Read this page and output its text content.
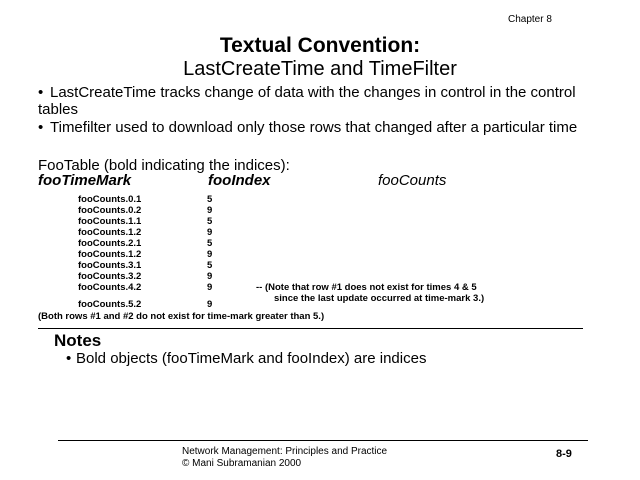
Chapter 8
Textual Convention:
LastCreateTime and TimeFilter
• LastCreateTime tracks change of data with the changes in control in the control tables
• Timefilter used to download only those rows that changed after a particular time
FooTable (bold indicating the indices):
fooTimeMark	fooIndex	fooCounts
fooCounts.0.1	5
fooCounts.0.2	9
fooCounts.1.1	5
fooCounts.1.2	9
fooCounts.2.1	5
fooCounts.1.2	9
fooCounts.3.1	5
fooCounts.3.2	9
fooCounts.4.2	9	-- (Note that row #1 does not exist for times 4 & 5
since the last update occurred at time-mark 3.)
fooCounts.5.2	9
(Both rows #1 and #2 do not exist for time-mark greater than 5.)
Notes
• Bold objects (fooTimeMark and fooIndex) are indices
Network Management: Principles and Practice
© Mani Subramanian 2000
8-9
